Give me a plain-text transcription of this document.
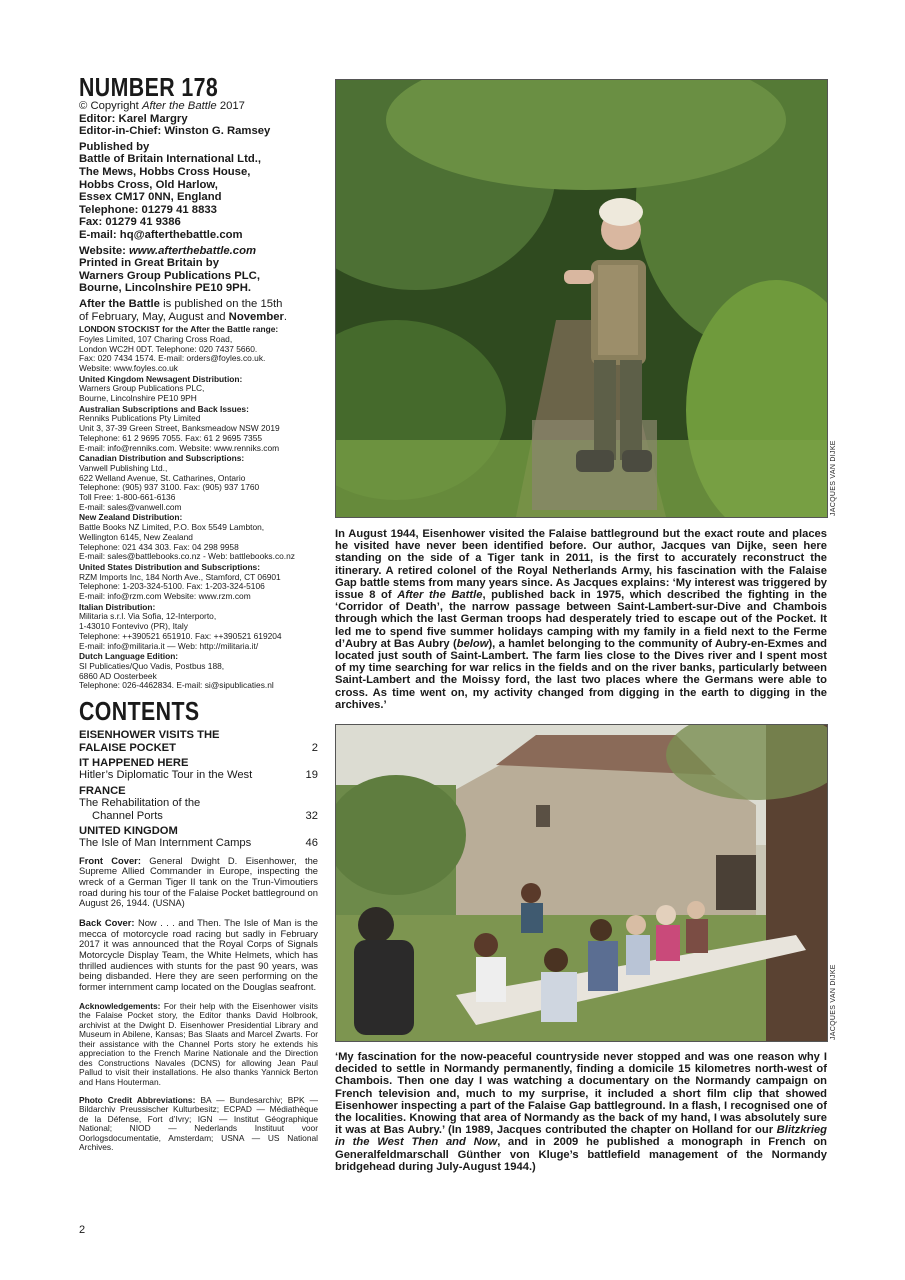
NUMBER 178
© Copyright After the Battle 2017
Editor: Karel Margry
Editor-in-Chief: Winston G. Ramsey
Published by
Battle of Britain International Ltd.,
The Mews, Hobbs Cross House,
Hobbs Cross, Old Harlow,
Essex CM17 0NN, England
Telephone: 01279 41 8833
Fax: 01279 41 9386
E-mail: hq@afterthebattle.com
Website: www.afterthebattle.com
Printed in Great Britain by
Warners Group Publications PLC,
Bourne, Lincolnshire PE10 9PH.
After the Battle is published on the 15th
of February, May, August and November.
LONDON STOCKIST for the After the Battle range:
Foyles Limited, 107 Charing Cross Road,
London WC2H 0DT. Telephone: 020 7437 5660.
Fax: 020 7434 1574. E-mail: orders@foyles.co.uk.
Website: www.foyles.co.uk
United Kingdom Newsagent Distribution:
Warners Group Publications PLC,
Bourne, Lincolnshire PE10 9PH
Australian Subscriptions and Back Issues:
Renniks Publications Pty Limited
Unit 3, 37-39 Green Street, Banksmeadow NSW 2019
Telephone: 61 2 9695 7055. Fax: 61 2 9695 7355
E-mail: info@renniks.com. Website: www.renniks.com
Canadian Distribution and Subscriptions:
Vanwell Publishing Ltd.,
622 Welland Avenue, St. Catharines, Ontario
Telephone: (905) 937 3100. Fax: (905) 937 1760
Toll Free: 1-800-661-6136
E-mail: sales@vanwell.com
New Zealand Distribution:
Battle Books NZ Limited, P.O. Box 5549 Lambton,
Wellington 6145, New Zealand
Telephone: 021 434 303. Fax: 04 298 9958
E-mail: sales@battlebooks.co.nz - Web: battlebooks.co.nz
United States Distribution and Subscriptions:
RZM Imports Inc, 184 North Ave., Stamford, CT 06901
Telephone: 1-203-324-5100. Fax: 1-203-324-5106
E-mail: info@rzm.com Website: www.rzm.com
Italian Distribution:
Militaria s.r.l. Via Sofia, 12-Interporto,
1-43010 Fontevivo (PR), Italy
Telephone: ++390521 651910. Fax: ++390521 619204
E-mail: info@militaria.it — Web: http://militaria.it/
Dutch Language Edition:
SI Publicaties/Quo Vadis, Postbus 188,
6860 AD Oosterbeek
Telephone: 026-4462834. E-mail: si@sipublicaties.nl
CONTENTS
EISENHOWER VISITS THE
FALAISE POCKET	2
IT HAPPENED HERE
Hitler’s Diplomatic Tour in the West	19
FRANCE
The Rehabilitation of the
Channel Ports	32
UNITED KINGDOM
The Isle of Man Internment Camps	46

Front Cover: General Dwight D. Eisenhower, the Supreme Allied Commander in Europe, inspecting the wreck of a German Tiger II tank on the Trun-Vimoutiers road during his tour of the Falaise Pocket battleground on August 26, 1944. (USNA)

Back Cover: Now . . . and Then. The Isle of Man is the mecca of motorcycle road racing but sadly in February 2017 it was announced that the Royal Corps of Signals Motorcycle Display Team, the White Helmets, which has thrilled audiences with stunts for the past 90 years, was being disbanded. Here they are seen performing on the former internment camp located on the Douglas seafront.

Acknowledgements: For their help with the Eisenhower visits the Falaise Pocket story, the Editor thanks David Holbrook, archivist at the Dwight D. Eisenhower Presidential Library and Museum in Abilene, Kansas; Bas Slaats and Marcel Zwarts. For their assistance with the Channel Ports story he extends his appreciation to the French Marine Nationale and the Direction des Constructions Navales (DCNS) for allowing Jean Paul Pallud to visit their installations. He also thanks Yannick Berton and Hans Houterman.

Photo Credit Abbreviations: BA — Bundesarchiv; BPK — Bildarchiv Preussischer Kulturbesitz; ECPAD — Médiathèque de la Défense, Fort d’Ivry; IGN — Institut Géographique National; NIOD — Nederlands Instituut voor Oorlogsdocumentatie, Amsterdam; USNA — US National Archives.

JACQUES VAN DIJKE
In August 1944, Eisenhower visited the Falaise battleground but the exact route and places he visited have never been identified before. Our author, Jacques van Dijke, seen here standing on the side of a Tiger tank in 2011, is the first to accurately reconstruct the itinerary. A retired colonel of the Royal Netherlands Army, his fascination with the Falaise Gap battle stems from many years since. As Jacques explains: ‘My interest was triggered by issue 8 of After the Battle, published back in 1975, which described the fighting in the ‘Corridor of Death’, the narrow passage between Saint-Lambert-sur-Dive and Chambois through which the last German troops had desperately tried to escape out of the Pocket. It led me to spend five summer holidays camping with my family in a field next to the Ferme d’Aubry at Bas Aubry (below), a hamlet belonging to the community of Aubry-en-Exmes and located just south of Saint-Lambert. The farm lies close to the Dives river and I spent most of my time searching for war relics in the fields and on the river banks, particularly between Saint-Lambert and the Moissy ford, the last two places where the Germans were able to cross. As time went on, my activity changed from digging in the earth to digging in the archives.’
JACQUES VAN DIJKE
‘My fascination for the now-peaceful countryside never stopped and was one reason why I decided to settle in Normandy permanently, finding a domicile 15 kilometres north-west of Chambois. Then one day I was watching a documentary on the Normandy campaign on French television and, much to my surprise, it included a short film clip that showed Eisenhower inspecting a part of the Falaise Gap battleground. In a flash, I recognised one of the localities. Knowing that area of Normandy as the back of my hand, I was absolutely sure it was at Bas Aubry.’ (In 1989, Jacques contributed the chapter on Holland for our Blitzkrieg in the West Then and Now, and in 2009 he published a monograph in French on Generalfeldmarschall Günther von Kluge’s battlefield management of the Normandy bridgehead during July-August 1944.)
2
